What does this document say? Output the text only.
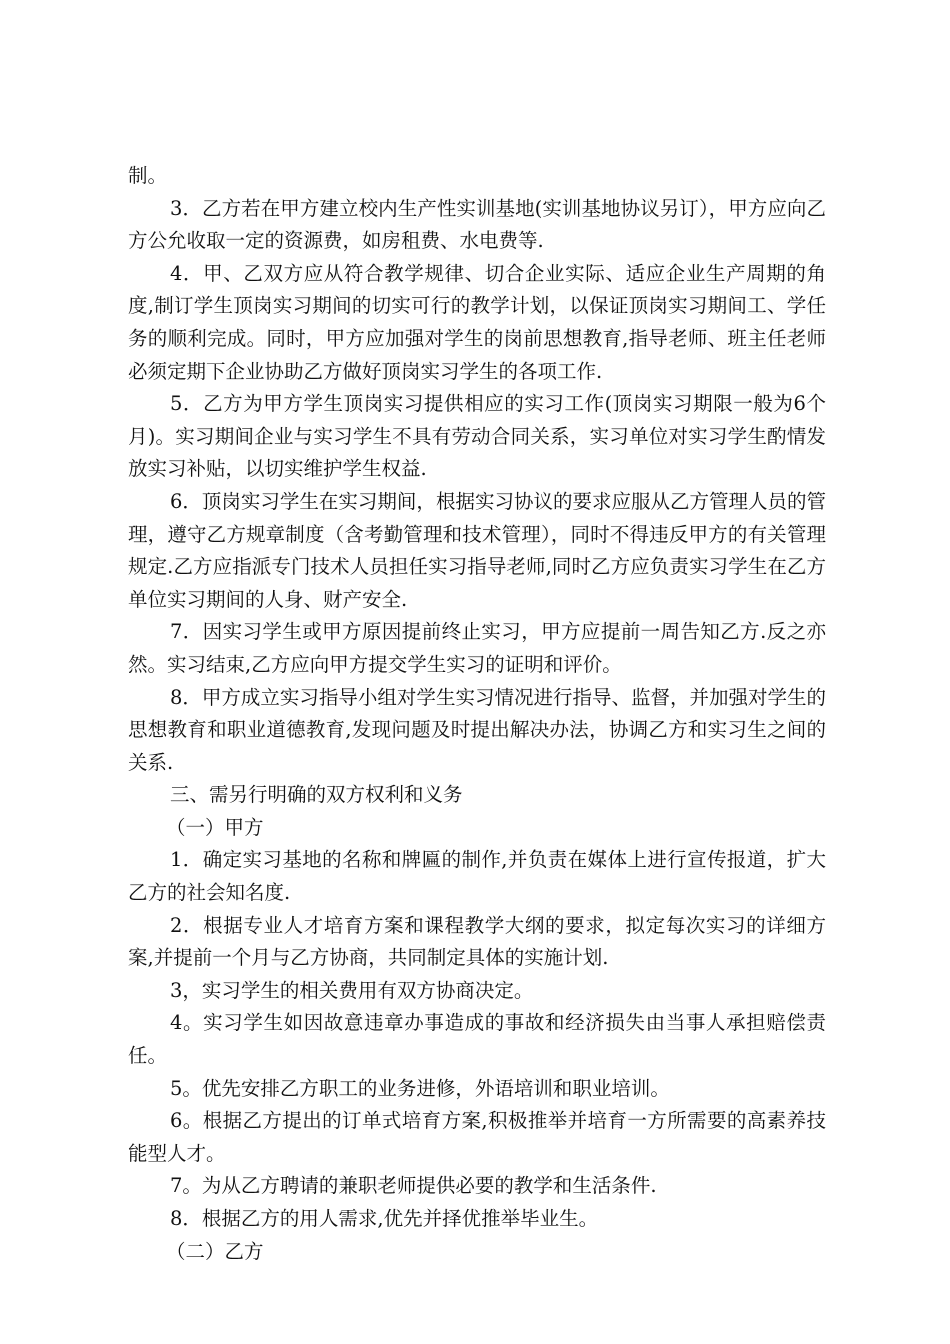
制。

3．乙方若在甲方建立校内生产性实训基地(实训基地协议另订），甲方应向乙方公允收取一定的资源费，如房租费、水电费等.

4．甲、乙双方应从符合教学规律、切合企业实际、适应企业生产周期的角度,制订学生顶岗实习期间的切实可行的教学计划，以保证顶岗实习期间工、学任务的顺利完成。同时，甲方应加强对学生的岗前思想教育,指导老师、班主任老师必须定期下企业协助乙方做好顶岗实习学生的各项工作.

5．乙方为甲方学生顶岗实习提供相应的实习工作(顶岗实习期限一般为6个月)。实习期间企业与实习学生不具有劳动合同关系，实习单位对实习学生酌情发放实习补贴，以切实维护学生权益.

6．顶岗实习学生在实习期间，根据实习协议的要求应服从乙方管理人员的管理，遵守乙方规章制度（含考勤管理和技术管理），同时不得违反甲方的有关管理规定.乙方应指派专门技术人员担任实习指导老师,同时乙方应负责实习学生在乙方单位实习期间的人身、财产安全.

7．因实习学生或甲方原因提前终止实习，甲方应提前一周告知乙方.反之亦然。实习结束,乙方应向甲方提交学生实习的证明和评价。

8．甲方成立实习指导小组对学生实习情况进行指导、监督，并加强对学生的思想教育和职业道德教育,发现问题及时提出解决办法，协调乙方和实习生之间的关系.

三、需另行明确的双方权利和义务

（一）甲方

1．确定实习基地的名称和牌匾的制作,并负责在媒体上进行宣传报道，扩大乙方的社会知名度.

2．根据专业人才培育方案和课程教学大纲的要求，拟定每次实习的详细方案,并提前一个月与乙方协商，共同制定具体的实施计划.

3，实习学生的相关费用有双方协商决定。

4。实习学生如因故意违章办事造成的事故和经济损失由当事人承担赔偿责任。

5。优先安排乙方职工的业务进修，外语培训和职业培训。

6。根据乙方提出的订单式培育方案,积极推举并培育一方所需要的高素养技能型人才。

7。为从乙方聘请的兼职老师提供必要的教学和生活条件.

8．根据乙方的用人需求,优先并择优推举毕业生。

（二）乙方
